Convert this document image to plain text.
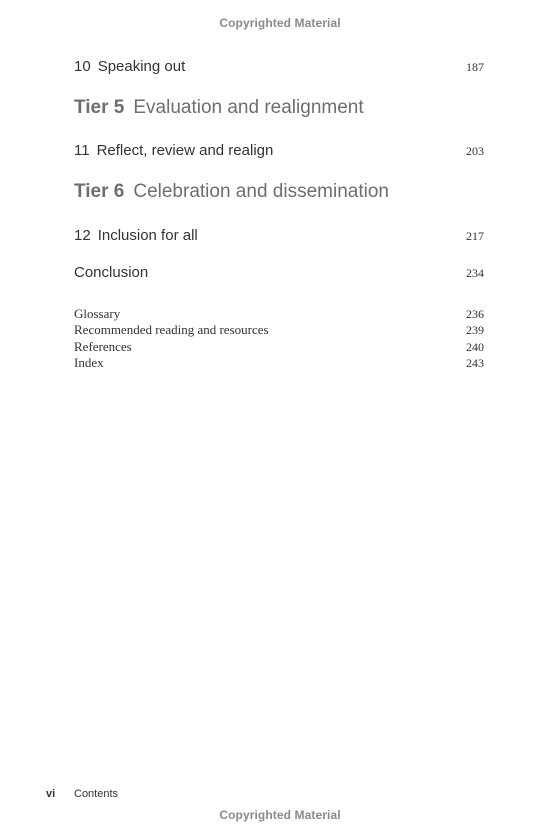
Copyrighted Material
10 Speaking out	187
Tier 5 Evaluation and realignment
11 Reflect, review and realign	203
Tier 6 Celebration and dissemination
12 Inclusion for all	217
Conclusion	234
Glossary	236
Recommended reading and resources	239
References	240
Index	243
vi Contents
Copyrighted Material
